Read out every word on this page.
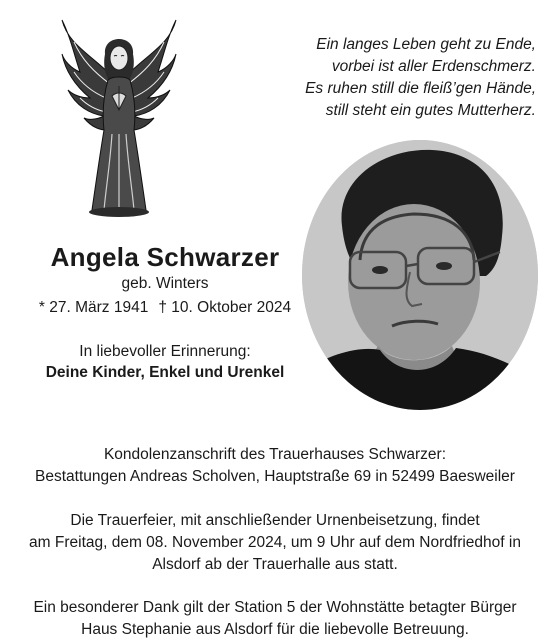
Ein langes Leben geht zu Ende,
vorbei ist aller Erdenschmerz.
Es ruhen still die fleiß’gen Hände,
still steht ein gutes Mutterherz.
Angela Schwarzer
geb. Winters
* 27. März 1941 † 10. Oktober 2024
In liebevoller Erinnerung:
Deine Kinder, Enkel und Urenkel
Kondolenzanschrift des Trauerhauses Schwarzer:
Bestattungen Andreas Scholven, Hauptstraße 69 in 52499 Baesweiler
Die Trauerfeier, mit anschließender Urnenbeisetzung, findet
am Freitag, dem 08. November 2024, um 9 Uhr auf dem Nordfriedhof in
Alsdorf ab der Trauerhalle aus statt.
Ein besonderer Dank gilt der Station 5 der Wohnstätte betagter Bürger
Haus Stephanie aus Alsdorf für die liebevolle Betreuung.
